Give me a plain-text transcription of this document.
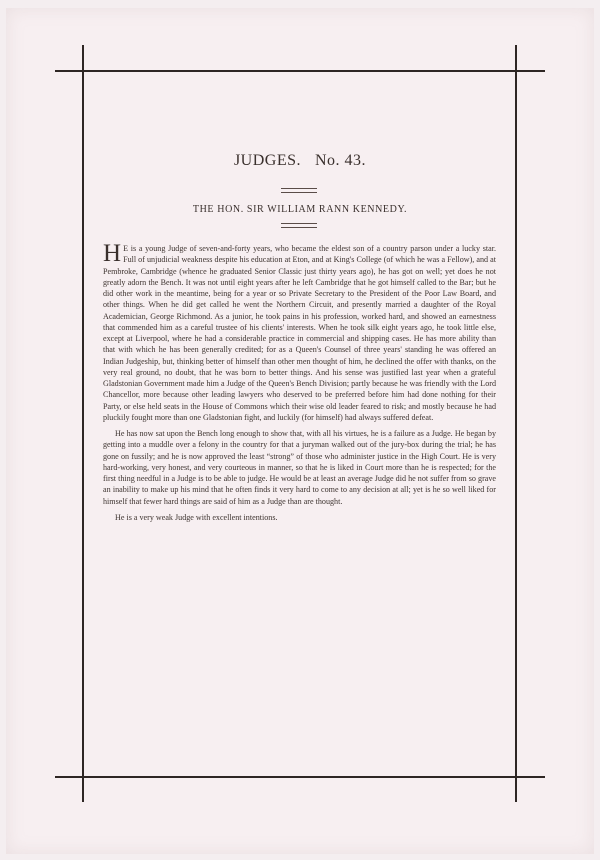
JUDGES. No. 43.
THE HON. SIR WILLIAM RANN KENNEDY.

H E is a young Judge of seven-and-forty years, who became the eldest son of a country parson under a lucky star. Full of unjudicial weakness despite his education at Eton, and at King's College (of which he was a Fellow), and at Pembroke, Cambridge (whence he graduated Senior Classic just thirty years ago), he has got on well; yet does he not greatly adorn the Bench. It was not until eight years after he left Cambridge that he got himself called to the Bar; but he did other work in the meantime, being for a year or so Private Secretary to the President of the Poor Law Board, and other things. When he did get called he went the Northern Circuit, and presently married a daughter of the Royal Academician, George Richmond. As a junior, he took pains in his profession, worked hard, and showed an earnestness that commended him as a careful trustee of his clients' interests. When he took silk eight years ago, he took little else, except at Liverpool, where he had a considerable practice in commercial and shipping cases. He has more ability than that with which he has been generally credited; for as a Queen's Counsel of three years' standing he was offered an Indian Judgeship, but, thinking better of himself than other men thought of him, he declined the offer with thanks, on the very real ground, no doubt, that he was born to better things. And his sense was justified last year when a grateful Gladstonian Government made him a Judge of the Queen's Bench Division; partly because he was friendly with the Lord Chancellor, more because other leading lawyers who deserved to be preferred before him had done nothing for their Party, or else held seats in the House of Commons which their wise old leader feared to risk; and mostly because he had pluckily fought more than one Gladstonian fight, and luckily (for himself) had always suffered defeat.

He has now sat upon the Bench long enough to show that, with all his virtues, he is a failure as a Judge. He began by getting into a muddle over a felony in the country for that a juryman walked out of the jury-box during the trial; he has gone on fussily; and he is now approved the least “strong” of those who administer justice in the High Court. He is very hard-working, very honest, and very courteous in manner, so that he is liked in Court more than he is respected; for the first thing needful in a Judge is to be able to judge. He would be at least an average Judge did he not suffer from so grave an inability to make up his mind that he often finds it very hard to come to any decision at all; yet is he so well liked for himself that fewer hard things are said of him as a Judge than are thought.

He is a very weak Judge with excellent intentions.
